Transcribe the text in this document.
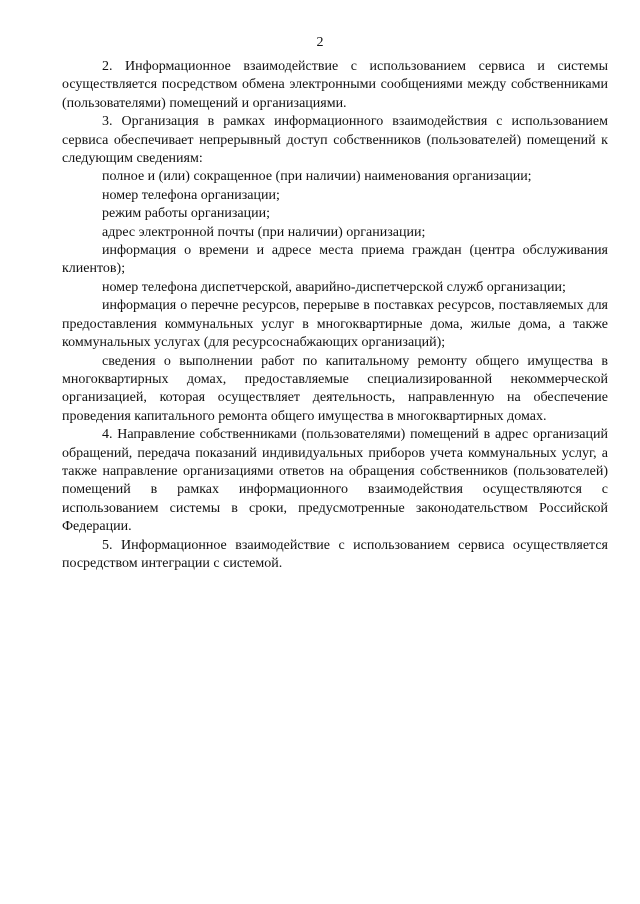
2

2. Информационное взаимодействие с использованием сервиса и системы осуществляется посредством обмена электронными сообщениями между собственниками (пользователями) помещений и организациями.

3. Организация в рамках информационного взаимодействия с использованием сервиса обеспечивает непрерывный доступ собственников (пользователей) помещений к следующим сведениям:

полное и (или) сокращенное (при наличии) наименования организации;

номер телефона организации;

режим работы организации;

адрес электронной почты (при наличии) организации;

информация о времени и адресе места приема граждан (центра обслуживания клиентов);

номер телефона диспетчерской, аварийно-диспетчерской служб организации;

информация о перечне ресурсов, перерыве в поставках ресурсов, поставляемых для предоставления коммунальных услуг в многоквартирные дома, жилые дома, а также коммунальных услугах (для ресурсоснабжающих организаций);

сведения о выполнении работ по капитальному ремонту общего имущества в многоквартирных домах, предоставляемые специализированной некоммерческой организацией, которая осуществляет деятельность, направленную на обеспечение проведения капитального ремонта общего имущества в многоквартирных домах.

4. Направление собственниками (пользователями) помещений в адрес организаций обращений, передача показаний индивидуальных приборов учета коммунальных услуг, а также направление организациями ответов на обращения собственников (пользователей) помещений в рамках информационного взаимодействия осуществляются с использованием системы в сроки, предусмотренные законодательством Российской Федерации.

5. Информационное взаимодействие с использованием сервиса осуществляется посредством интеграции с системой.
